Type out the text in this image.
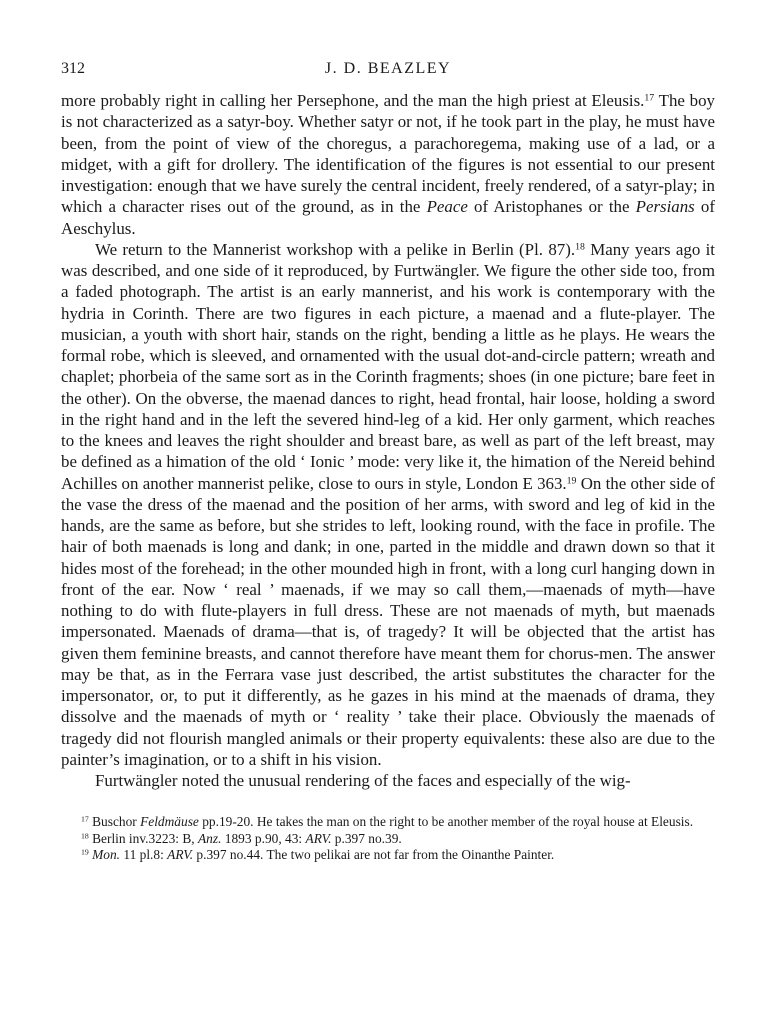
312	J. D. BEAZLEY

more probably right in calling her Persephone, and the man the high priest at Eleusis.$^{17}$ The boy is not characterized as a satyr-boy. Whether satyr or not, if he took part in the play, he must have been, from the point of view of the choregus, a parachoregema, making use of a lad, or a midget, with a gift for drollery. The identification of the figures is not essential to our present investigation: enough that we have surely the central incident, freely rendered, of a satyr-play; in which a character rises out of the ground, as in the Peace of Aristophanes or the Persians of Aeschylus.

We return to the Mannerist workshop with a pelike in Berlin (Pl. 87).$^{18}$ Many years ago it was described, and one side of it reproduced, by Furtwängler. We figure the other side too, from a faded photograph. The artist is an early mannerist, and his work is contemporary with the hydria in Corinth. There are two figures in each picture, a maenad and a flute-player. The musician, a youth with short hair, stands on the right, bending a little as he plays. He wears the formal robe, which is sleeved, and ornamented with the usual dot-and-circle pattern; wreath and chaplet; phorbeia of the same sort as in the Corinth fragments; shoes (in one picture; bare feet in the other). On the obverse, the maenad dances to right, head frontal, hair loose, holding a sword in the right hand and in the left the severed hind-leg of a kid. Her only garment, which reaches to the knees and leaves the right shoulder and breast bare, as well as part of the left breast, may be defined as a himation of the old ‘ Ionic ’ mode: very like it, the himation of the Nereid behind Achilles on another mannerist pelike, close to ours in style, London E 363.19 On the other side of the vase the dress of the maenad and the position of her arms, with sword and leg of kid in the hands, are the same as before, but she strides to left, looking round, with the face in profile. The hair of both maenads is long and dank; in one, parted in the middle and drawn down so that it hides most of the forehead; in the other mounded high in front, with a long curl hanging down in front of the ear. Now ‘ real ’ maenads, if we may so call them,—maenads of myth—have nothing to do with flute-players in full dress. These are not maenads of myth, but maenads impersonated. Maenads of drama—that is, of tragedy? It will be objected that the artist has given them feminine breasts, and cannot therefore have meant them for chorus-men. The answer may be that, as in the Ferrara vase just described, the artist substitutes the character for the impersonator, or, to put it differently, as he gazes in his mind at the maenads of drama, they dissolve and the maenads of myth or ‘ reality ’ take their place. Obviously the maenads of tragedy did not flourish mangled animals or their property equivalents: these also are due to the painter’s imagination, or to a shift in his vision.

Furtwängler noted the unusual rendering of the faces and especially of the wig-

$^{17}$ Buschor Feldmäuse pp.19-20. He takes the man on the right to be another member of the royal house at Eleusis.

$^{18}$ Berlin inv.3223: B, Anz. 1893 p.90, 43: ARV. p.397 no.39.

$^{19}$ Mon. 11 pl.8: ARV. p.397 no.44. The two pelikai are not far from the Oinanthe Painter.
